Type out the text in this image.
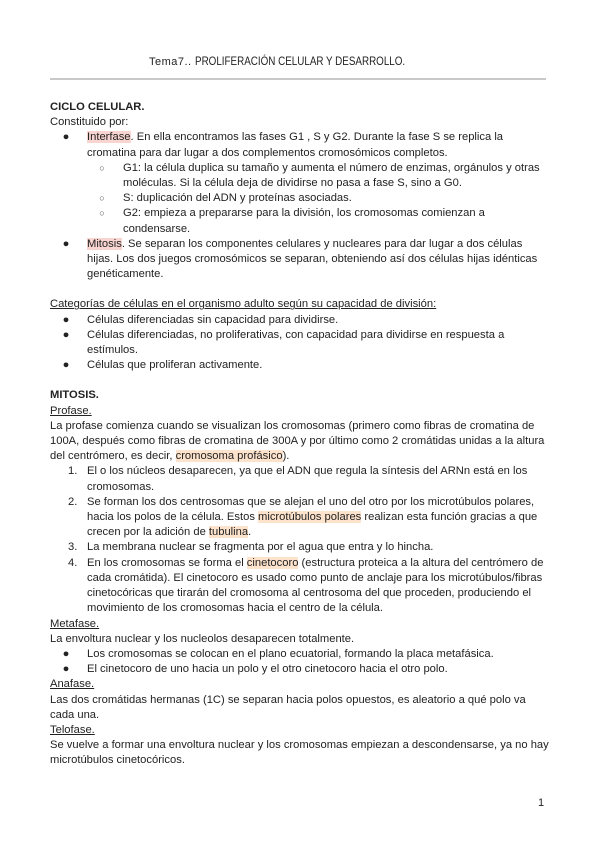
Tema7.. PROLIFERACIÓN CELULAR Y DESARROLLO.

CICLO CELULAR.

Constituido por:

●	Interfase. En ella encontramos las fases G1 , S y G2. Durante la fase S se replica la cromatina para dar lugar a dos complementos cromosómicos completos.
○	G1: la célula duplica su tamaño y aumenta el número de enzimas, orgánulos y otras moléculas. Si la célula deja de dividirse no pasa a fase S, sino a G0.
○	S: duplicación del ADN y proteínas asociadas.
○	G2: empieza a prepararse para la división, los cromosomas comienzan a condensarse.
●	Mitosis. Se separan los componentes celulares y nucleares para dar lugar a dos células hijas. Los dos juegos cromosómicos se separan, obteniendo así dos células hijas idénticas genéticamente.

Categorías de células en el organismo adulto según su capacidad de división:

●	Células diferenciadas sin capacidad para dividirse.
●	Células diferenciadas, no proliferativas, con capacidad para dividirse en respuesta a estímulos.
●	Células que proliferan activamente.

MITOSIS.

Profase.

La profase comienza cuando se visualizan los cromosomas (primero como fibras de cromatina de 100A, después como fibras de cromatina de 300A y por último como 2 cromátidas unidas a la altura del centrómero, es decir, cromosoma profásico).

1. El o los núcleos desaparecen, ya que el ADN que regula la síntesis del ARNn está en los cromosomas.
2. Se forman los dos centrosomas que se alejan el uno del otro por los microtúbulos polares, hacia los polos de la célula. Estos microtúbulos polares realizan esta función gracias a que crecen por la adición de tubulina.
3. La membrana nuclear se fragmenta por el agua que entra y lo hincha.
4. En los cromosomas se forma el cinetocoro (estructura proteica a la altura del centrómero de cada cromátida). El cinetocoro es usado como punto de anclaje para los microtúbulos/fibras cinetocóricas que tirarán del cromosoma al centrosoma del que proceden, produciendo el movimiento de los cromosomas hacia el centro de la célula.

Metafase.

La envoltura nuclear y los nucleolos desaparecen totalmente.

●	Los cromosomas se colocan en el plano ecuatorial, formando la placa metafásica.
●	El cinetocoro de uno hacia un polo y el otro cinetocoro hacia el otro polo.

Anafase.

Las dos cromátidas hermanas (1C) se separan hacia polos opuestos, es aleatorio a qué polo va cada una.

Telofase.

Se vuelve a formar una envoltura nuclear y los cromosomas empiezan a descondensarse, ya no hay microtúbulos cinetocóricos.

1
